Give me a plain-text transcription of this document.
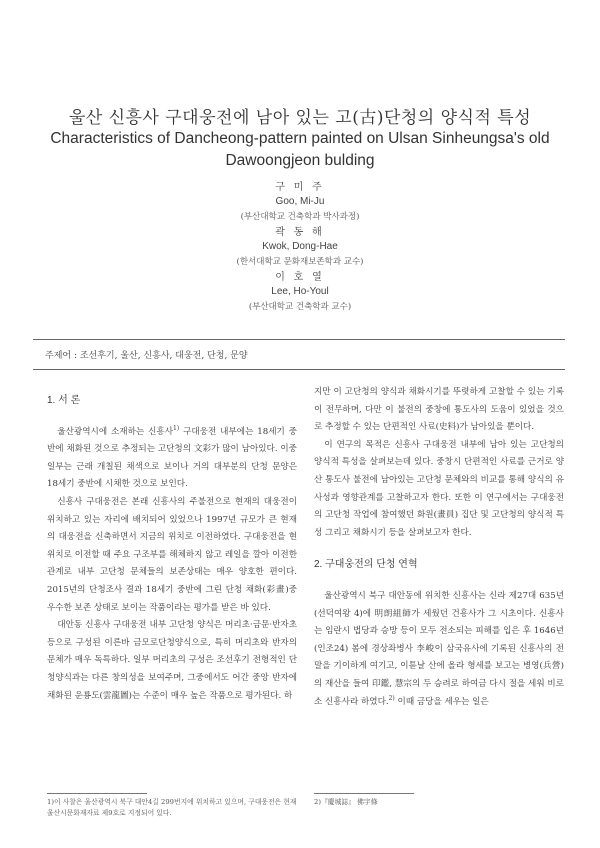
울산 신흥사 구대웅전에 남아 있는 고(古)단청의 양식적 특성
Characteristics of Dancheong-pattern painted on Ulsan Sinheungsa's old
Dawoongjeon bulding
구 미 주
Goo, Mi-Ju
(부산대학교 건축학과 박사과정)
곽 동 해
Kwok, Dong-Hae
(한서대학교 문화재보존학과 교수)
이 호 열
Lee, Ho-Youl
(부산대학교 건축학과 교수)
주제어 : 조선후기, 울산, 신흥사, 대웅전, 단청, 문양

1. 서 론

울산광역시에 소재하는 신흥사$^{1)}$ 구대웅전 내부에는 18세기 중반에 채화된 것으로 추정되는 고단청의 文彩가 많이 남아있다. 이중 일부는 근래 개칠된 채색으로 보이나 거의 대부분의 단청 문양은 18세기 중반에 시채한 것으로 보인다.

신흥사 구대웅전은 본래 신흥사의 주불전으로 현재의 대웅전이 위치하고 있는 자리에 배치되어 있었으나 1997년 규모가 큰 현재의 대웅전을 신축하면서 지금의 위치로 이전하였다. 구대웅전을 현 위치로 이전할 때 주요 구조부를 해체하지 않고 레일을 깔아 이전한 관계로 내부 고단청 문체들의 보존상태는 매우 양호한 편이다. 2015년의 단청조사 결과 18세기 중반에 그린 단청 채화(彩畫)중 우수한 보존 상태로 보이는 작품이라는 평가를 받은 바 있다.

대안동 신흥사 구대웅전 내부 고단청 양식은 머리초·금문·반자초 등으로 구성된 이른바 금모로단청양식으로, 특히 머리초와 반자의 문체가 매우 독특하다. 일부 머리초의 구성은 조선후기 전형적인 단청양식과는 다른 창의성을 보여주며, 그중에서도 어간 중앙 반자에 채화된 운룡도(雲龍圖)는 수준이 매우 높은 작품으로 평가된다. 하

1)이 사찰은 울산광역시 북구 대안4길 299번지에 위치하고 있으며, 구대웅전은 현재 울산시문화재자료 제9호로 지정되어 있다.

지만 이 고단청의 양식과 채화시기를 뚜렷하게 고찰할 수 있는 기록이 전무하며, 다만 이 불전의 중창에 통도사의 도움이 있었을 것으로 추정할 수 있는 단편적인 사료(史料)가 남아있을 뿐이다.

이 연구의 목적은 신흥사 구대웅전 내부에 남아 있는 고단청의 양식적 특성을 살펴보는데 있다. 중창시 단편적인 사료를 근거로 양산 통도사 불전에 남아있는 고단청 문체와의 비교를 통해 양식의 유사성과 영향관계를 고찰하고자 한다. 또한 이 연구에서는 구대웅전의 고단청 작업에 참여했던 화원(畫員) 집단 및 고단청의 양식적 특성 그리고 채화시기 등을 살펴보고자 한다.

2. 구대웅전의 단청 연혁

울산광역시 북구 대안동에 위치한 신흥사는 신라 제27대 635년(선덕여왕 4)에 明朗組師가 세웠던 건흥사가 그 시초이다. 신흥사는 임란시 법당과 승방 등이 모두 전소되는 피해를 입은 후 1646년(인조24) 봄에 경상좌병사 李峻이 삼국유사에 기록된 신흥사의 전말을 기이하게 여기고, 이튿날 산에 올라 형세를 보고는 병영(兵營)의 재산을 들여 印鑑, 慧宗의 두 승려로 하여금 다시 절을 세워 비로소 신흥사라 하였다.$^{2)}$ 이때 금당을 세우는 일은

2)『慶城誌』 佛宇條
